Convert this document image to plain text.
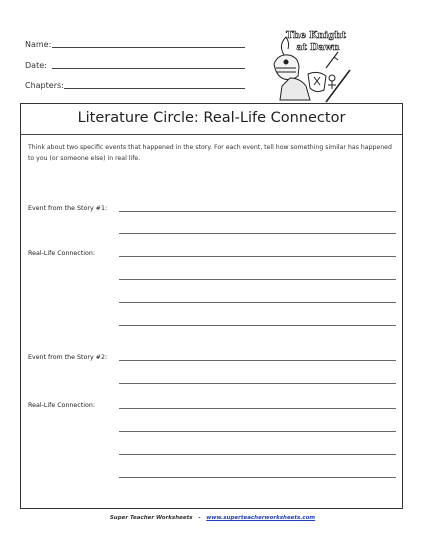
Name:
Date:
Chapters:
The Knight
at Dawn
Literature Circle: Real-Life Connector
Think about two specific events that happened in the story. For each event, tell how something similar has happened to you (or someone else) in real life.
Event from the Story #1:
Real-Life Connection:
Event from the Story #2:
Real-Life Connection:
Super Teacher Worksheets - www.superteacherworksheets.com
